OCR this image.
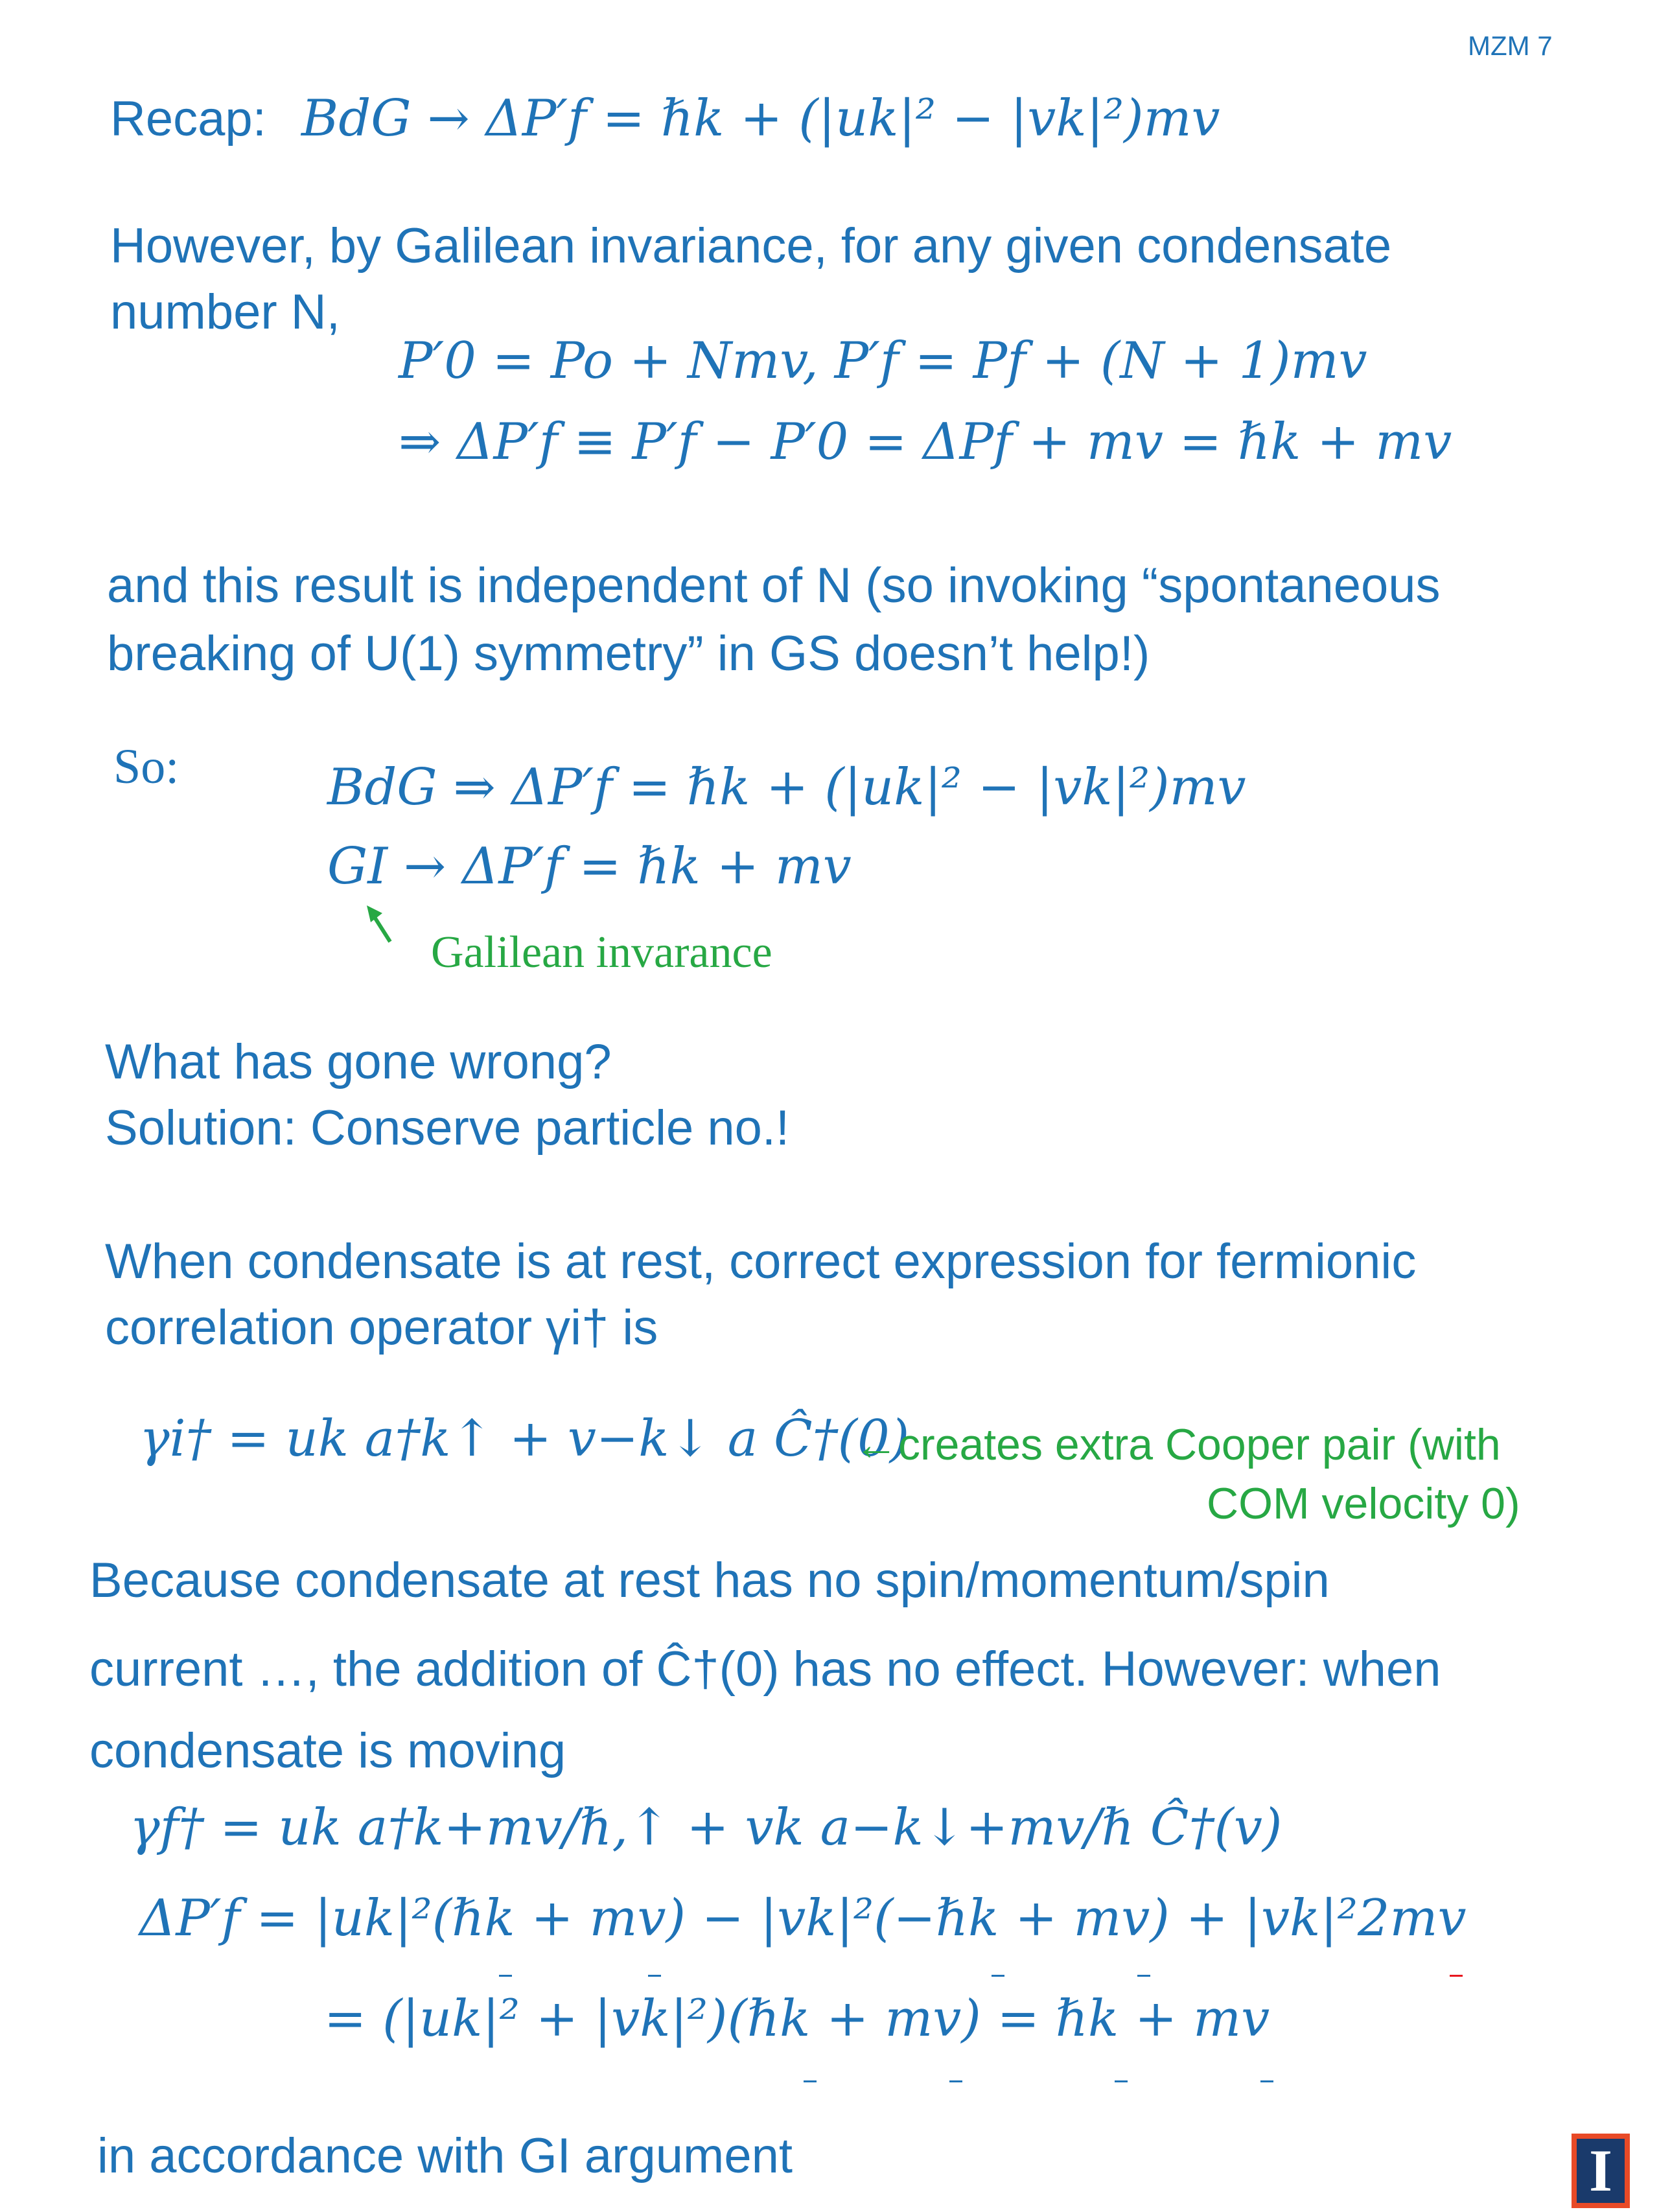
MZM 7
Recap: BdG → ΔP′f = ℏk + (|uk|² − |vk|²)mv
However, by Galilean invariance, for any given condensate
number N,
P′0 = Po + Nmv, P′f = Pf + (N + 1)mv
⇒ ΔP′f ≡ P′f − P′0 = ΔPf + mv = ℏk + mv
and this result is independent of N (so invoking “spontaneous
breaking of U(1) symmetry” in GS doesn’t help!)
So:	BdG ⇒ ΔP′f = ℏk + (|uk|² − |vk|²)mv
GI → ΔP′f = ℏk + mv
Galilean invarance
What has gone wrong?
Solution: Conserve particle no.!
When condensate is at rest, correct expression for fermionic
correlation operator γi† is
γi† = uk a†k↑ + v−k↓ a Ĉ†(0)
←creates extra Cooper pair (with
COM velocity 0)
Because condensate at rest has no spin/momentum/spin
current …, the addition of Ĉ†(0) has no effect. However: when
condensate is moving
γf† = uk a†k+mv/ℏ,↑ + vk a−k↓+mv/ℏ Ĉ†(v)
ΔP′f = |uk|²(ℏk + mv) − |vk|²(−ℏk + mv) + |vk|²2mv
= (|uk|² + |vk|²)(ℏk + mv) = ℏk + mv
in accordance with GI argument	I
